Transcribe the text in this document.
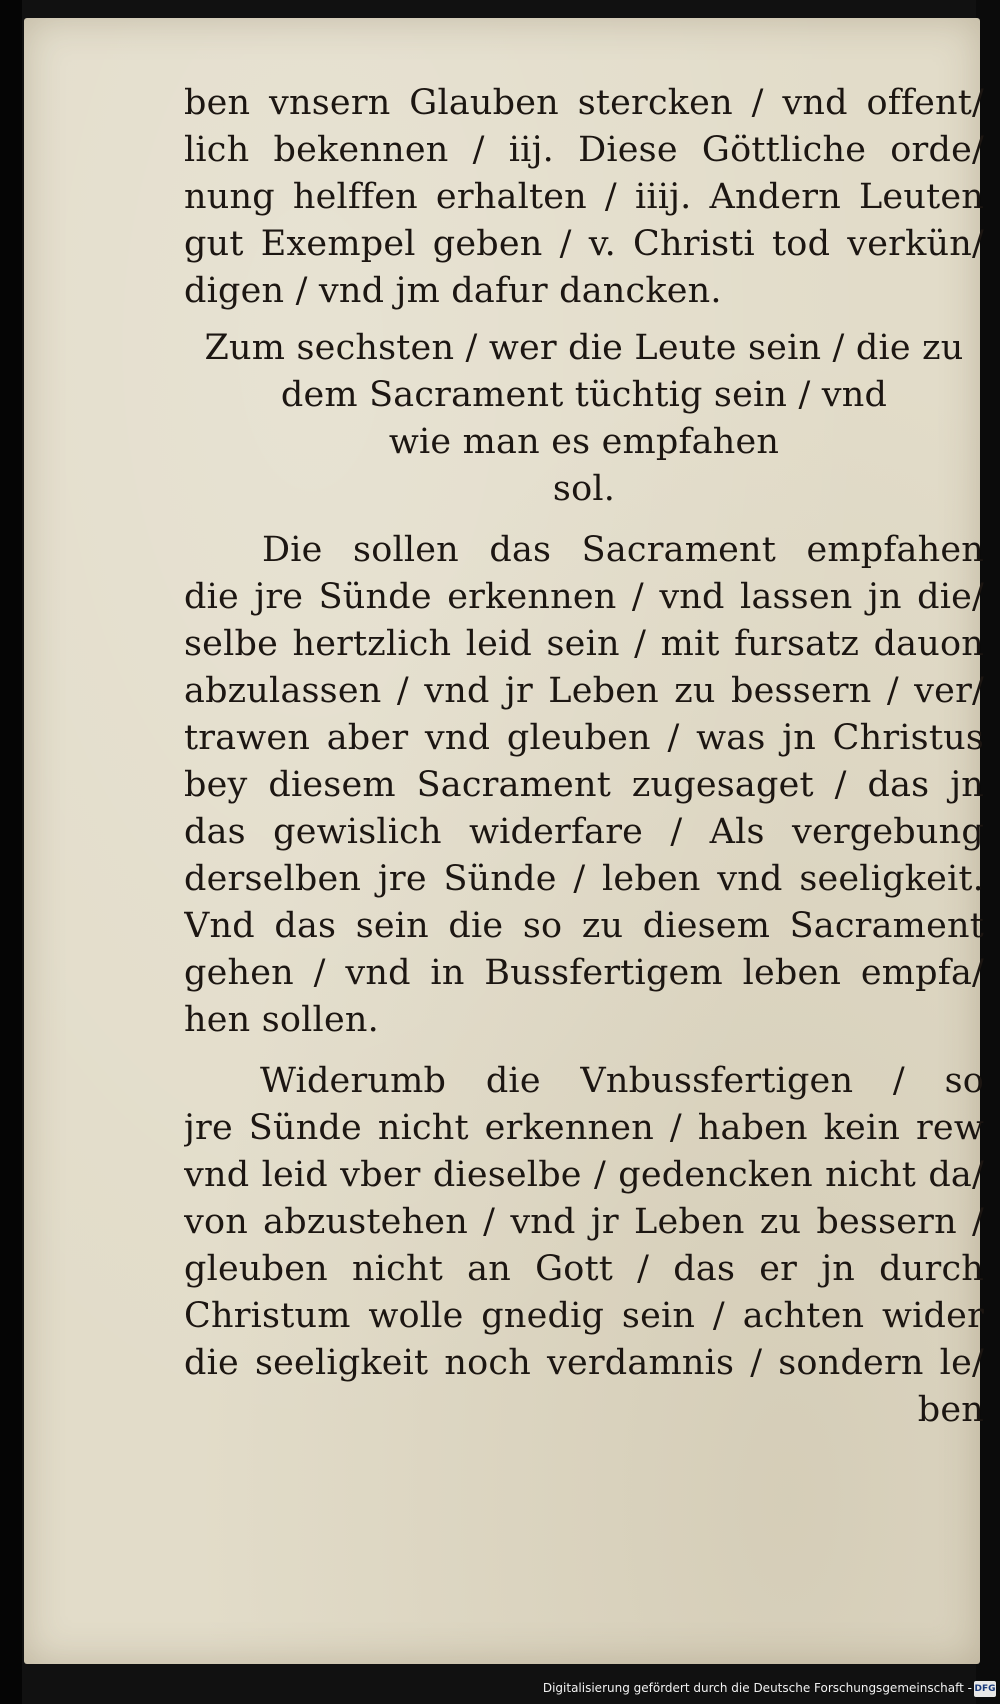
ben vnsern Glauben stercken / vnd offent/
lich bekennen / iij. Diese Göttliche orde/
nung helffen erhalten / iiij. Andern Leuten
gut Exempel geben / v. Christi tod verkün/
digen / vnd jm dafur dancken.
Zum sechsten / wer die Leute sein / die zu
dem Sacrament tüchtig sein / vnd
wie man es empfahen
sol.
Die sollen das Sacrament empfahen
die jre Sünde erkennen / vnd lassen jn die/
selbe hertzlich leid sein / mit fursatz dauon
abzulassen / vnd jr Leben zu bessern / ver/
trawen aber vnd gleuben / was jn Christus
bey diesem Sacrament zugesaget / das jn
das gewislich widerfare / Als vergebung
derselben jre Sünde / leben vnd seeligkeit.
Vnd das sein die so zu diesem Sacrament
gehen / vnd in Bussfertigem leben empfa/
hen sollen.
Widerumb die Vnbussfertigen / so
jre Sünde nicht erkennen / haben kein rew
vnd leid vber dieselbe / gedencken nicht da/
von abzustehen / vnd jr Leben zu bessern /
gleuben nicht an Gott / das er jn durch
Christum wolle gnedig sein / achten wider
die seeligkeit noch verdamnis / sondern le/
ben
Digitalisierung gefördert durch die Deutsche Forschungsgemeinschaft - DFG
